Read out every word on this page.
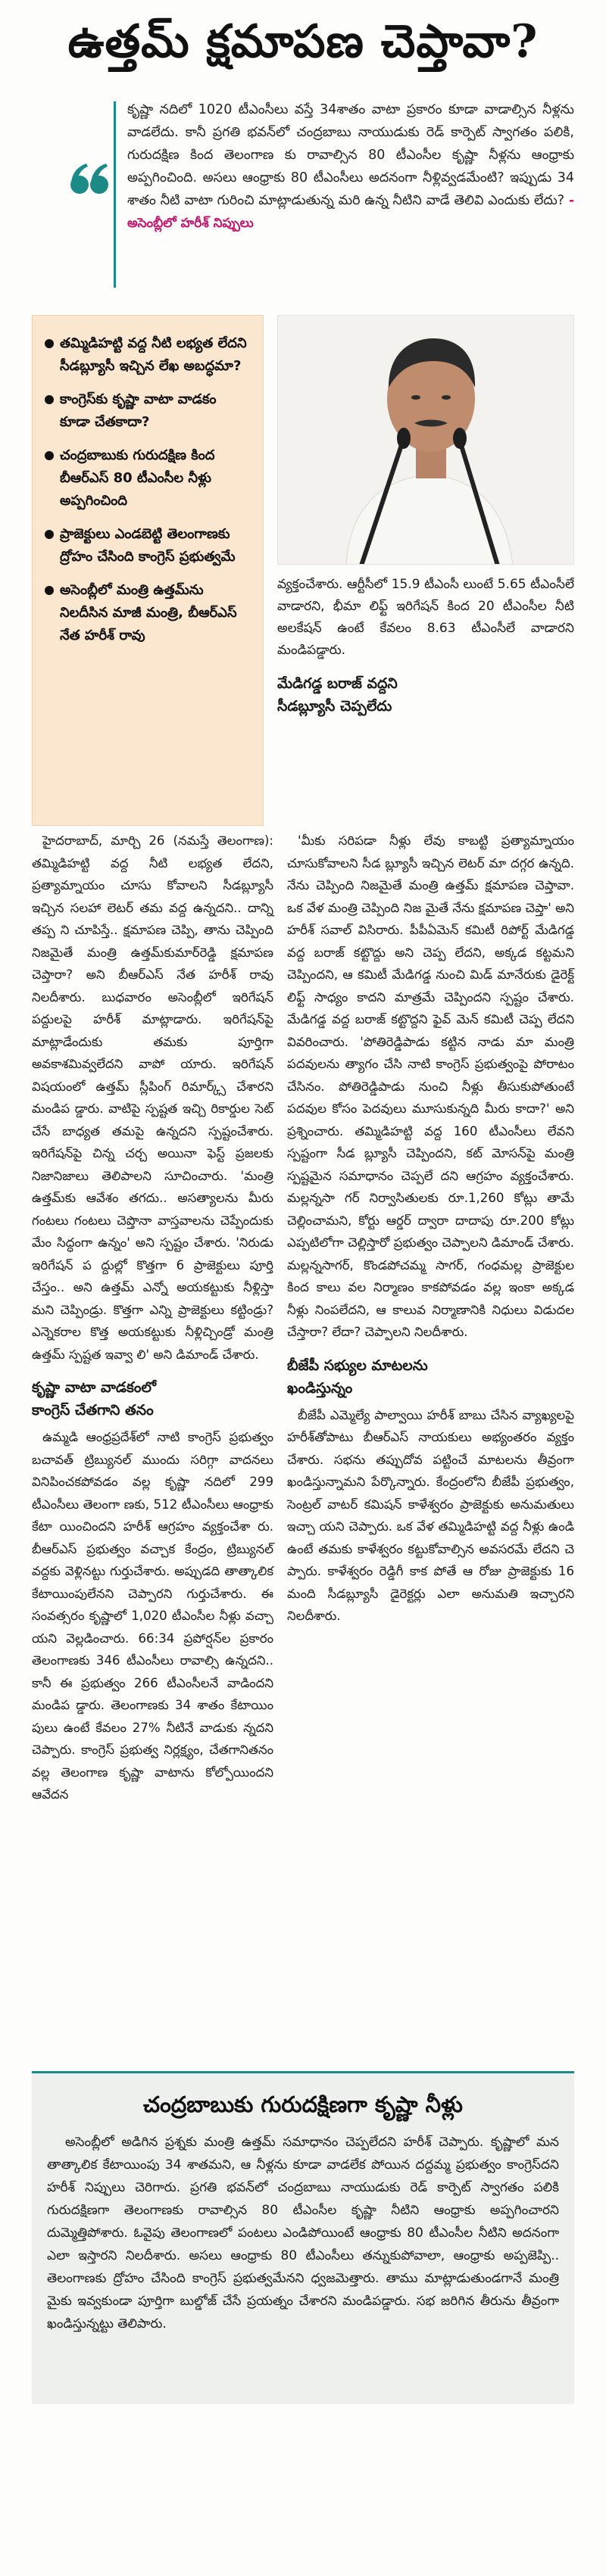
ఉత్తమ్ క్షమాపణ చెప్తావా?
కృష్ణా నదిలో 1020 టీఎంసీలు వస్తే 34శాతం వాటా ప్రకారం కూడా వాడాల్సిన నీళ్లను వాడలేదు. కానీ ప్రగతి భవన్‌లో చంద్రబాబు నాయుడుకు రెడ్ కార్పెట్ స్వాగతం పలికి, గురుదక్షిణ కింద తెలంగాణ కు రావాల్సిన 80 టీఎంసీల కృష్ణా నీళ్లను ఆంధ్రాకు అప్పగించింది. అసలు ఆంధ్రాకు 80 టీఎంసీలు అదనంగా నీళ్లివ్వడమేంటి? ఇప్పుడు 34 శాతం నీటి వాటా గురించి మాట్లాడుతున్న మరి ఉన్న నీటిని వాడే తెలివి ఎందుకు లేదు? - అసెంబ్లీలో హరీశ్ నిప్పులు
తమ్మిడిహట్టి వద్ద నీటి లభ్యత లేదని సీడబ్ల్యూసీ ఇచ్చిన లేఖ అబద్ధమా?
కాంగ్రెస్‌కు కృష్ణా వాటా వాడకం కూడా చేతకాదా?
చంద్రబాబుకు గురుదక్షిణ కింద బీఆర్ఎస్ 80 టీఎంసీల నీళ్లు అప్పగించింది
ప్రాజెక్టులు ఎండబెట్టి తెలంగాణకు ద్రోహం చేసింది కాంగ్రెస్ ప్రభుత్వమే
అసెంబ్లీలో మంత్రి ఉత్తమ్‌ను నిలదీసిన మాజీ మంత్రి, బీఆర్ఎస్ నేత హరీశ్ రావు
వ్యక్తంచేశారు. ఆర్టీసీలో 15.9 టీఎంసీ లుంటే 5.65 టీఎంసీలే వాడారని, భీమా లిఫ్ట్ ఇరిగేషన్ కింద 20 టీఎంసీల నీటి అలకేషన్ ఉంటే కేవలం 8.63 టీఎంసీలే వాడారని మండిపడ్డారు.
మేడిగడ్డ బరాజ్ వద్దని
సీడబ్ల్యూసీ చెప్పలేదు

హైదరాబాద్, మార్చి 26 (నమస్తే తెలంగాణ): తమ్మిడిహట్టి వద్ద నీటి లభ్యత లేదని, ప్రత్యామ్నాయం చూసు కోవాలని సీడబ్ల్యూసీ ఇచ్చిన సలహా లెటర్ తమ వద్ద ఉన్నదని.. దాన్ని తప్ప ని చూపిస్తే.. క్షమాపణ చెప్పి, తాను చెప్పింది నిజమైతే మంత్రి ఉత్తమ్‌కుమార్‌రెడ్డి క్షమాపణ చెప్తారా? అని బీఆర్ఎస్ నేత హరీశ్ రావు నిలదీశారు. బుధవారం అసెంబ్లీలో ఇరిగేషన్ పద్దులపై హరీశ్ మాట్లాడారు. ఇరిగేషన్‌పై మాట్లాడేందుకు తమకు పూర్తిగా అవకాశమివ్వలేదని వాపో యారు. ఇరిగేషన్ విషయంలో ఉత్తమ్ స్లీపింగ్ రిమార్క్స్ చేశారని మండిప డ్డారు. వాటిపై స్పష్టత ఇచ్చి రికార్డుల సెట్ చేసే బాధ్యత తమపై ఉన్నదని స్పష్టంచేశారు. ఇరిగేషన్‌పై చిన్న చర్చ అయినా ఫెస్ట్ ప్రజలకు నిజానిజాలు తెలిపాలని సూచించారు. 'మంత్రి ఉత్తమ్‌కు ఆవేశం తగదు.. అసత్యాలను మీరు గంటలు గంటలు చెప్తొనా వాస్తవాలను చెప్పేందుకు మేం సిద్ధంగా ఉన్నం' అని స్పష్టం చేశారు. 'నిరుడు ఇరిగేషన్ ప ద్దుల్లో కొత్తగా 6 ప్రాజెక్టులు పూర్తి చేస్తం.. అని ఉత్తమ్ ఎన్నో అయకట్టుకు నీళ్లిస్తా మని చెప్పిండ్రు. కొత్తగా ఎన్ని ప్రాజెక్టులు కట్టిండ్రు? ఎన్నెకరాల కొత్త అయకట్టుకు నీళ్లిచ్చిండ్రో మంత్రి ఉత్తమ్ స్పష్టత ఇవ్వా లి' అని డిమాండ్ చేశారు.

కృష్ణా వాటా వాడకంలో
కాంగ్రెస్ చేతగాని తనం

ఉమ్మడి ఆంధ్రప్రదేశ్‌లో నాటి కాంగ్రెస్ ప్రభుత్వం బచావత్ ట్రిబ్యునల్ ముందు సరిగ్గా వాదనలు వినిపించకపోవడం వల్ల కృష్ణా నదిలో 299 టీఎంసీలు తెలంగా ణకు, 512 టీఎంసీలు ఆంధ్రాకు కేటా యించిందని హరీశ్ ఆగ్రహం వ్యక్తంచేశా రు. బీఆర్ఎస్ ప్రభుత్వం వచ్చాక కేంద్రం, ట్రిబ్యునల్ వద్దకు వెళ్లినట్టు గుర్తుచేశారు. అప్పుడది తాత్కాలిక కేటాయింపులేనని చెప్పారని గుర్తుచేశారు. ఈ సంవత్సరం కృష్ణాలో 1,020 టీఎంసీల నీళ్లు వచ్చా యని వెల్లడించారు. 66:34 ప్రపోర్షన్‌ల ప్రకారం తెలంగాణకు 346 టీఎంసీలు రావాల్సి ఉన్నదని.. కానీ ఈ ప్రభుత్వం 266 టీఎంసీలనే వాడిందని మండిప డ్డారు. తెలంగాణకు 34 శాతం కేటాయిం పులు ఉంటే కేవలం 27% నీటినే వాడుకు న్నదని చెప్పారు. కాంగ్రెస్ ప్రభుత్వ నిర్లక్ష్యం, చేతగానితనం వల్ల తెలంగాణ కృష్ణా వాటాను కోల్పోయిందని ఆవేదన

'మీకు సరిపడా నీళ్లు లేవు కాబట్టి ప్రత్యామ్నాయం చూసుకోవాలని సీడ బ్ల్యూసీ ఇచ్చిన లెటర్ మా దగ్గర ఉన్నది. నేను చెప్పింది నిజమైతే మంత్రి ఉత్తమ్ క్షమాపణ చెప్తావా. ఒక వేళ మంత్రి చెప్పింది నిజ మైతే నేను క్షమాపణ చెప్తా' అని హరీశ్ సవాల్ విసిరారు. పీపీఏమెన్ కమిటీ రిపోర్ట్ మేడిగడ్డ వద్ద బరాజ్ కట్టొద్దు అని చెప్ప లేదని, అక్కడ కట్టమని చెప్పిందని, ఆ కమిటీ మేడిగడ్డ నుంచి మిడ్ మానేరుకు డైరెక్ట్ లిఫ్ట్ సాధ్యం కాదని మాత్రమే చెప్పిందని స్పష్టం చేశారు. మేడిగడ్డ వద్ద బరాజ్ కట్టొద్దని ఫైవ్ మెన్ కమిటీ చెప్ప లేదని వివరించారు. 'పోతిరెడ్డిపాడు కట్టిన నాడు మా మంత్రి పదవులను త్యాగం చేసి నాటి కాంగ్రెస్ ప్రభుత్వంపై పోరాటం చేసినం. పోతిరెడ్డిపాడు నుంచి నీళ్లు తీసుకుపోతుంటే పదవుల కోసం పెదవులు మూసుకున్నది మీరు కాదా?' అని ప్రశ్నించారు. తమ్మిడిహట్టి వద్ద 160 టీఎంసీలు లేవని స్పష్టంగా సీడ బ్ల్యూసీ చెప్పిందని, కట్ మోసన్‌పై మంత్రి స్పష్టమైన సమాధానం చెప్పలే దని ఆగ్రహం వ్యక్తంచేశారు. మల్లన్నసా గర్ నిర్వాసితులకు రూ.1,260 కోట్లు తామే చెల్లించామని, కోర్టు ఆర్డర్ ద్వారా దాదాపు రూ.200 కోట్లు ఎప్పటిలోగా చెల్లిస్తారో ప్రభుత్వం చెప్పాలని డిమాండ్ చేశారు. మల్లన్నసాగర్, కొండపోచమ్మ సాగర్, గంధమల్ల ప్రాజెక్టుల కింద కాలు వల నిర్మాణం కాకపోవడం వల్ల ఇంకా అక్కడ నీళ్లు నింపలేదని, ఆ కాలువ నిర్మాణానికి నిధులు విడుదల చేస్తారా? లేదా? చెప్పాలని నిలదీశారు.

బీజేపీ సభ్యుల మాటలను
ఖండిస్తున్నం

బీజేపీ ఎమ్మెల్యే పాల్వాయి హరీశ్ బాబు చేసిన వ్యాఖ్యలపై హరీశ్‌తోపాటు బీఆర్ఎస్ నాయకులు అభ్యంతరం వ్యక్తం చేశారు. సభను తప్పుదోవ పట్టించే మాటలను తీవ్రంగా ఖండిస్తున్నామని పేర్కొన్నారు. కేంద్రంలోని బీజేపీ ప్రభుత్వం, సెంట్రల్ వాటర్ కమిషన్ కాళేశ్వరం ప్రాజెక్టుకు అనుమతులు ఇచ్చా యని చెప్పారు. ఒక వేళ తమ్మిడిహట్టి వద్ద నీళ్లు ఉండి ఉంటే తమకు కాళేశ్వరం కట్టుకోవాల్సిన అవసరమే లేదని చె ప్పారు. కాళేశ్వరం రెడ్డిగీ కాక పోతే ఆ రోజు ప్రాజెక్టుకు 16 మంది సీడబ్ల్యూసీ డైరెక్టర్లు ఎలా అనుమతి ఇచ్చారని నిలదీశారు.

చంద్రబాబుకు గురుదక్షిణగా కృష్ణా నీళ్లు
అసెంబ్లీలో అడిగిన ప్రశ్నకు మంత్రి ఉత్తమ్ సమాధానం చెప్పలేదని హరీశ్ చెప్పారు. కృష్ణాలో మన తాత్కాలిక కేటాయింపు 34 శాతమని, ఆ నీళ్లను కూడా వాడలేక పోయిన దద్దమ్మ ప్రభుత్వం కాంగ్రెస్‌దని హరీశ్ నిప్పులు చెరిగారు. ప్రగతి భవన్‌లో చంద్రబాబు నాయుడుకు రెడ్ కార్పెట్ స్వాగతం పలికి గురుదక్షిణగా తెలంగాణకు రావాల్సిన 80 టీఎంసీల కృష్ణా నీటిని ఆంధ్రాకు అప్పగించారని దుమ్మెత్తిపోశారు. ఓవైపు తెలంగాణలో పంటలు ఎండిపోయింటే ఆంధ్రాకు 80 టీఎంసీల నీటిని అదనంగా ఎలా ఇస్తారని నిలదీశారు. అసలు ఆంధ్రాకు 80 టీఎంసీలు తన్నుకుపోవాలా, ఆంధ్రాకు అప్పజెప్పి.. తెలంగాణకు ద్రోహం చేసింది కాంగ్రెస్ ప్రభుత్వమేనని ధ్వజమెత్తారు. తాము మాట్లాడుతుండగానే మంత్రి మైకు ఇవ్వకుండా పూర్తిగా బుల్డోజ్ చేసే ప్రయత్నం చేశారని మండిపడ్డారు. సభ జరిగిన తీరును తీవ్రంగా ఖండిస్తున్నట్టు తెలిపారు.
